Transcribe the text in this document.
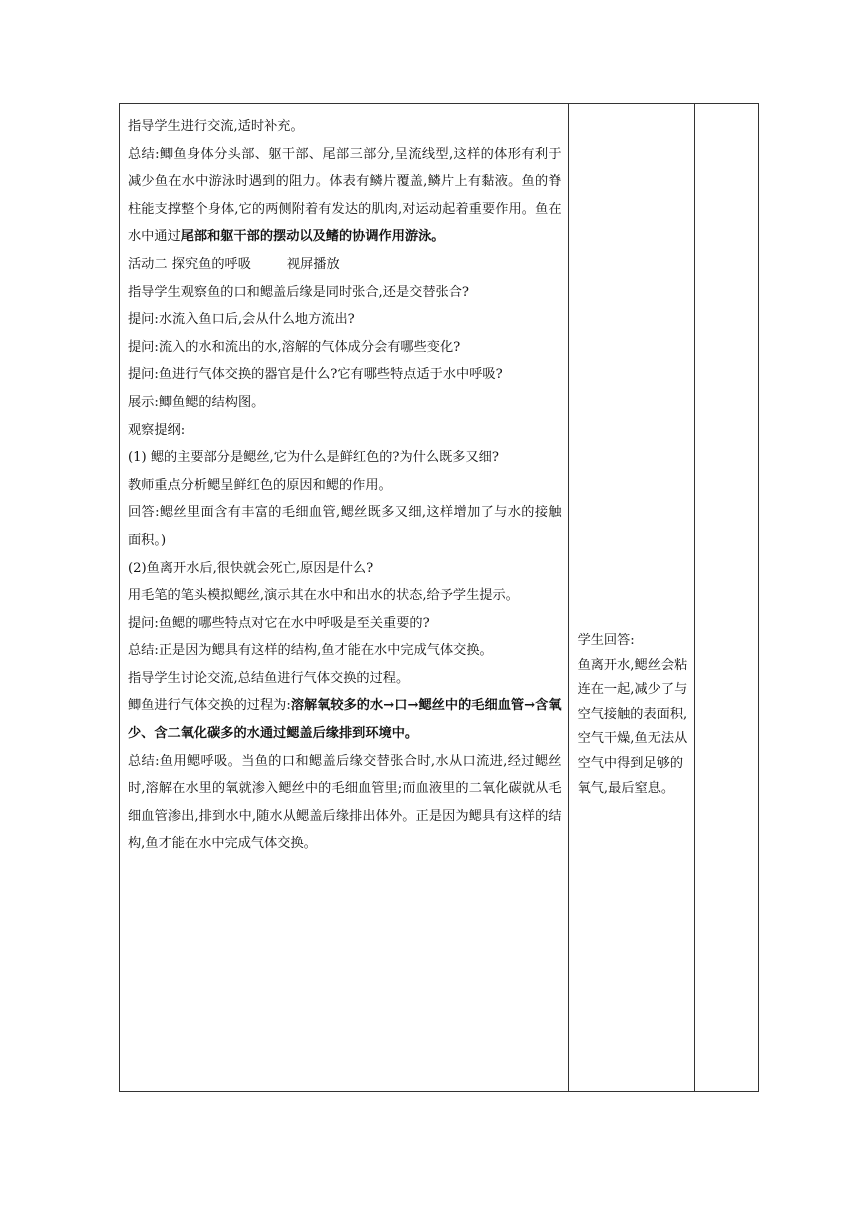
指导学生进行交流,适时补充。

总结:鲫鱼身体分头部、躯干部、尾部三部分,呈流线型,这样的体形有利于减少鱼在水中游泳时遇到的阻力。体表有鳞片覆盖,鳞片上有黏液。鱼的脊柱能支撑整个身体,它的两侧附着有发达的肌肉,对运动起着重要作用。鱼在水中通过尾部和躯干部的摆动以及鳍的协调作用游泳。

活动二 探究鱼的呼吸	视屏播放

指导学生观察鱼的口和鳃盖后缘是同时张合,还是交替张合?

提问:水流入鱼口后,会从什么地方流出?

提问:流入的水和流出的水,溶解的气体成分会有哪些变化?

提问:鱼进行气体交换的器官是什么?它有哪些特点适于水中呼吸?

展示:鲫鱼鳃的结构图。

观察提纲:

(1) 鳃的主要部分是鳃丝,它为什么是鲜红色的?为什么既多又细?

教师重点分析鳃呈鲜红色的原因和鳃的作用。

回答:鳃丝里面含有丰富的毛细血管,鳃丝既多又细,这样增加了与水的接触面积。)

(2)鱼离开水后,很快就会死亡,原因是什么?

用毛笔的笔头模拟鳃丝,演示其在水中和出水的状态,给予学生提示。

提问:鱼鳃的哪些特点对它在水中呼吸是至关重要的?

总结:正是因为鳃具有这样的结构,鱼才能在水中完成气体交换。

指导学生讨论交流,总结鱼进行气体交换的过程。

鲫鱼进行气体交换的过程为:溶解氧较多的水→口→鳃丝中的毛细血管→含氧少、含二氧化碳多的水通过鳃盖后缘排到环境中。

总结:鱼用鳃呼吸。当鱼的口和鳃盖后缘交替张合时,水从口流进,经过鳃丝时,溶解在水里的氧就渗入鳃丝中的毛细血管里;而血液里的二氧化碳就从毛细血管渗出,排到水中,随水从鳃盖后缘排出体外。正是因为鳃具有这样的结构,鱼才能在水中完成气体交换。

学生回答:

鱼离开水,鳃丝会粘连在一起,减少了与空气接触的表面积,空气干燥,鱼无法从空气中得到足够的氧气,最后窒息。
